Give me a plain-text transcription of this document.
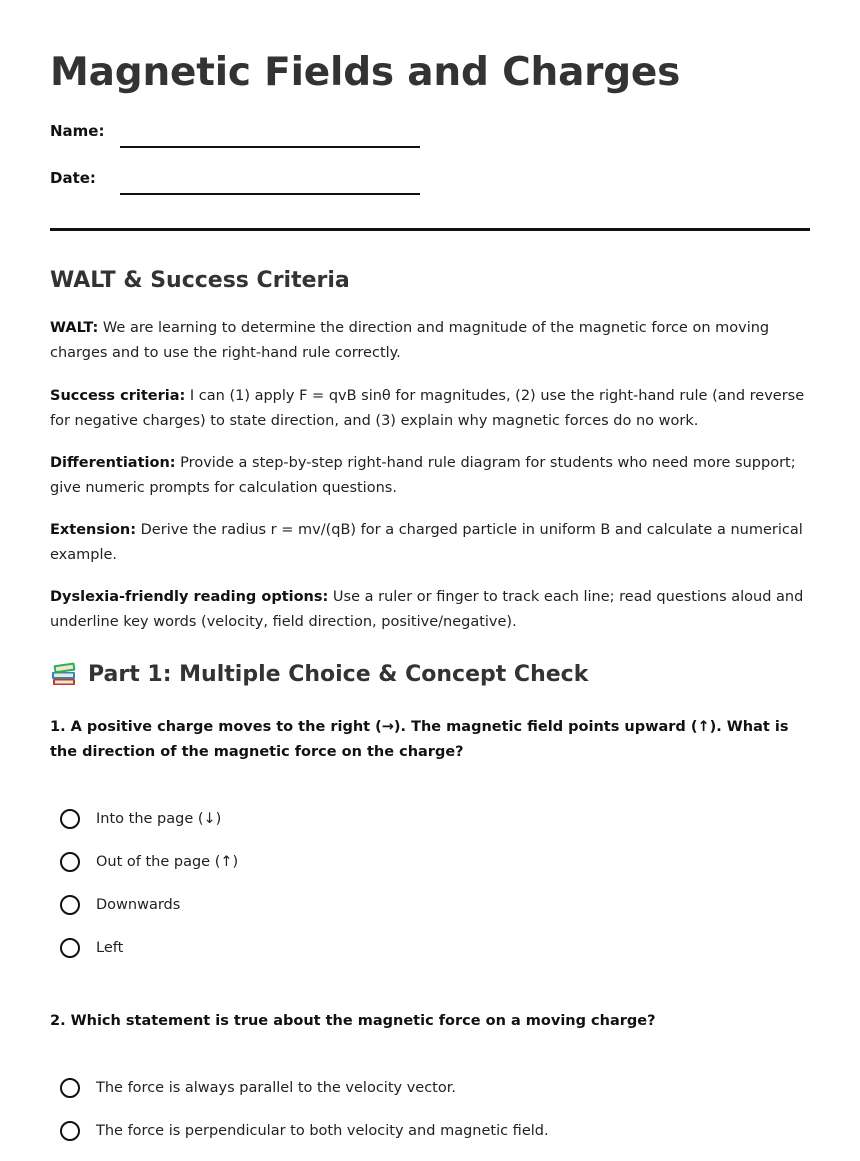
Magnetic Fields and Charges
Name:
Date:
WALT & Success Criteria

WALT: We are learning to determine the direction and magnitude of the magnetic force on moving charges and to use the right-hand rule correctly.

Success criteria: I can (1) apply F = qvB sinθ for magnitudes, (2) use the right-hand rule (and reverse for negative charges) to state direction, and (3) explain why magnetic forces do no work.

Differentiation: Provide a step-by-step right-hand rule diagram for students who need more support; give numeric prompts for calculation questions.

Extension: Derive the radius r = mv/(qB) for a charged particle in uniform B and calculate a numerical example.

Dyslexia-friendly reading options: Use a ruler or finger to track each line; read questions aloud and underline key words (velocity, field direction, positive/negative).

Part 1: Multiple Choice & Concept Check

1. A positive charge moves to the right (→). The magnetic field points upward (↑). What is the direction of the magnetic force on the charge?

Into the page (↓)
Out of the page (↑)
Downwards
Left

2. Which statement is true about the magnetic force on a moving charge?

The force is always parallel to the velocity vector.
The force is perpendicular to both velocity and magnetic field.
